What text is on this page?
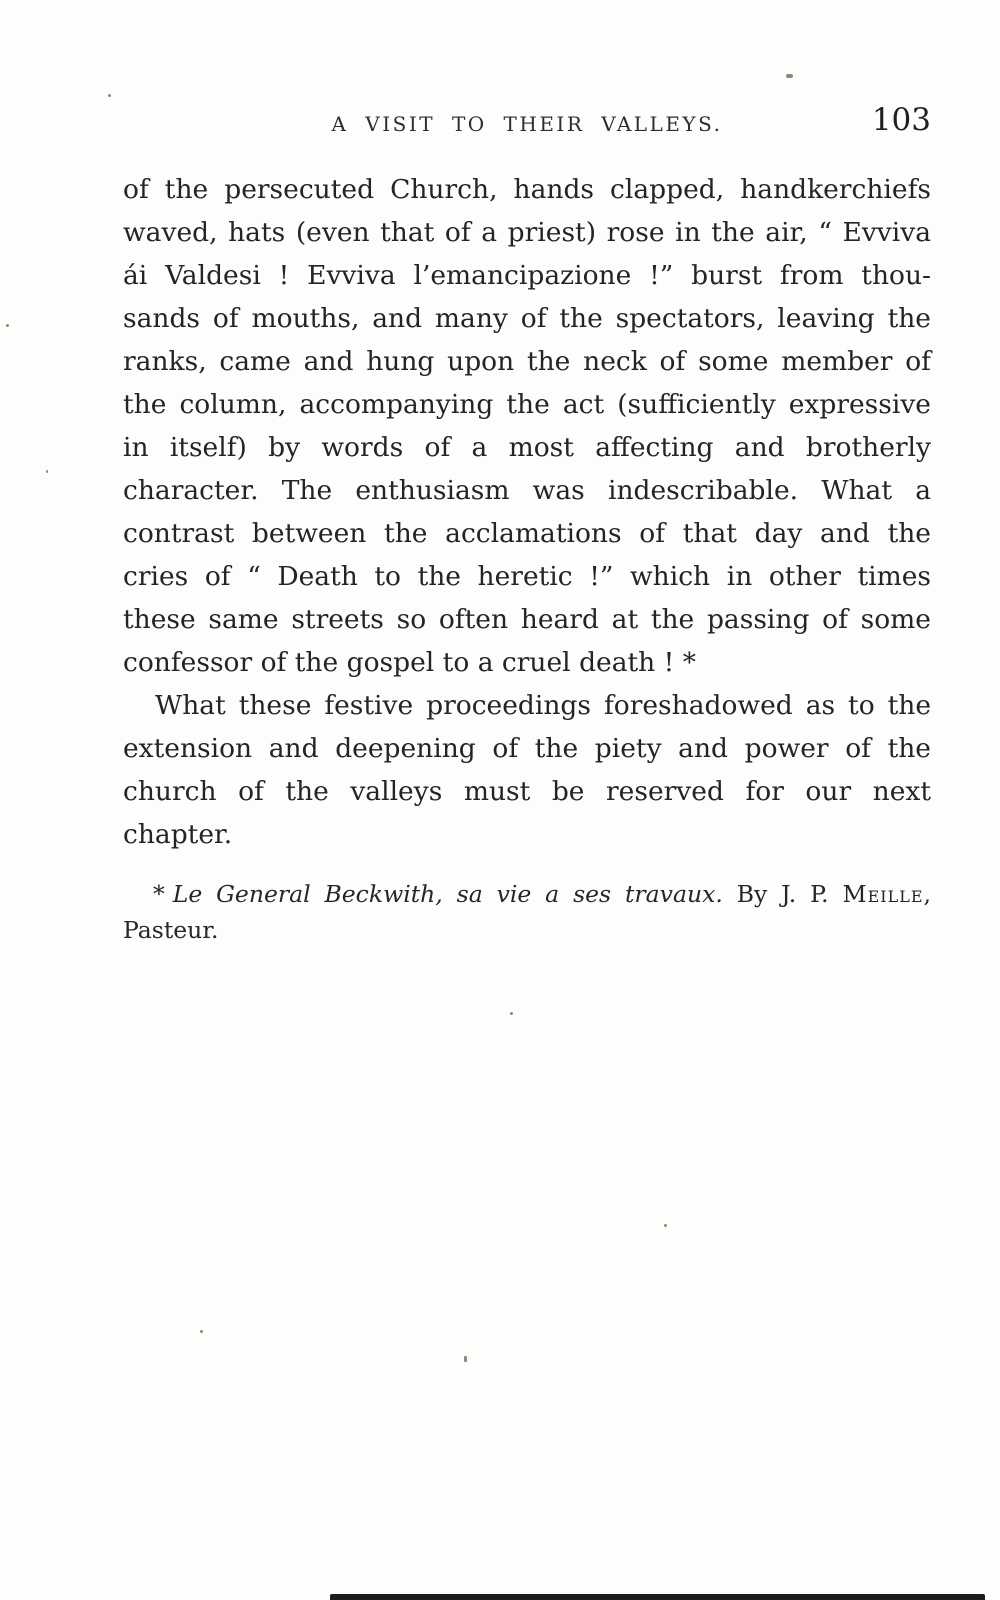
A VISIT TO THEIR VALLEYS.	103
of the persecuted Church, hands clapped, handkerchiefs
waved, hats (even that of a priest) rose in the air, “ Evviva
ái Valdesi ! Evviva l’emancipazione !” burst from thou-
sands of mouths, and many of the spectators, leaving the
ranks, came and hung upon the neck of some member of
the column, accompanying the act (sufficiently expressive
in itself) by words of a most affecting and brotherly
character. The enthusiasm was indescribable. What a
contrast between the acclamations of that day and the
cries of “ Death to the heretic !” which in other times
these same streets so often heard at the passing of some
confessor of the gospel to a cruel death ! *
What these festive proceedings foreshadowed as to the
extension and deepening of the piety and power of the
church of the valleys must be reserved for our next
chapter.
* Le General Beckwith, sa vie a ses travaux. By J. P. Meille,
Pasteur.
